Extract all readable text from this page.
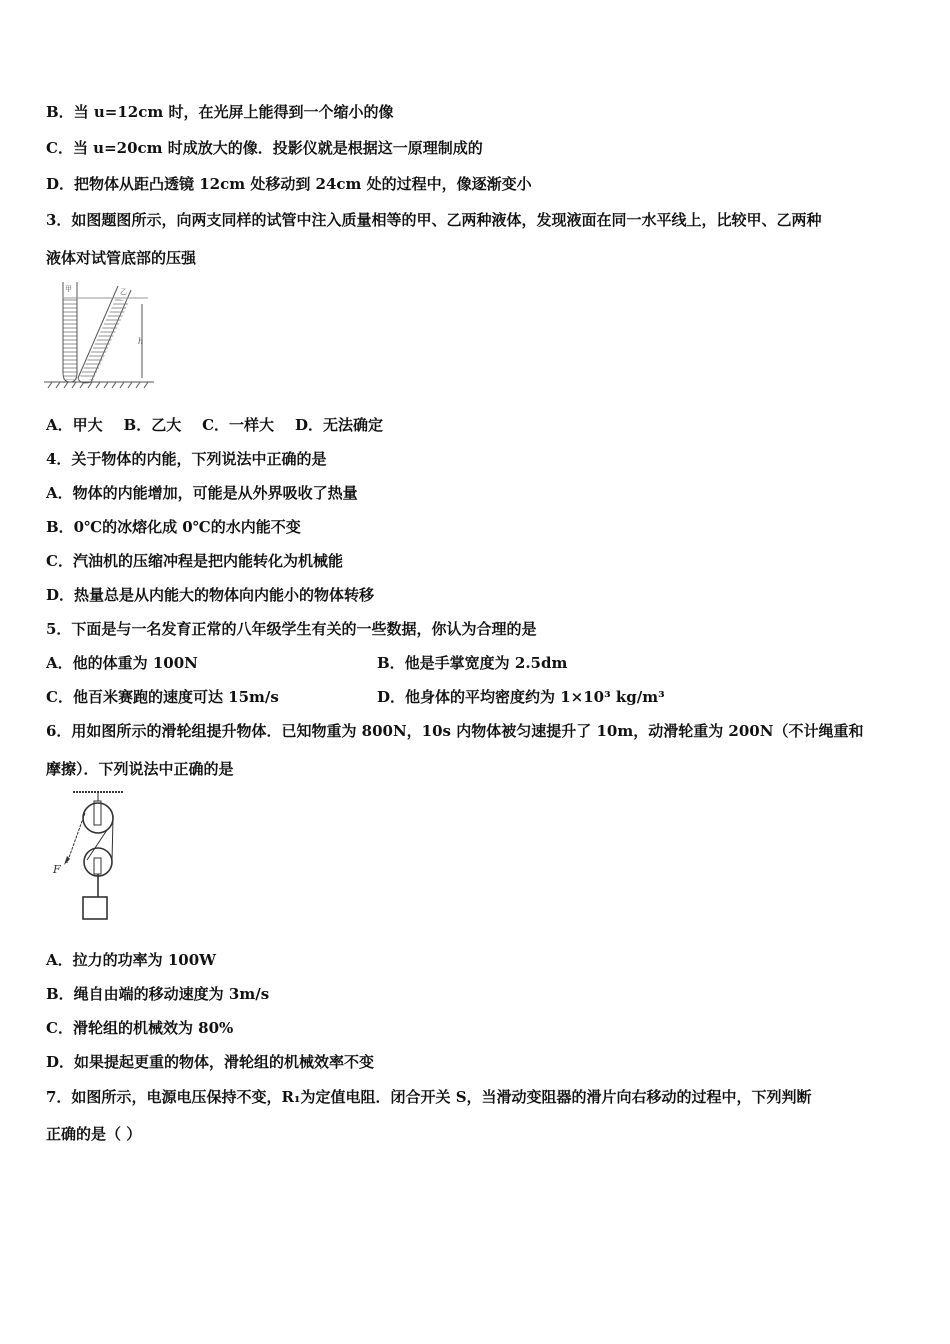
B．当 u=12cm 时，在光屏上能得到一个缩小的像
C．当 u=20cm 时成放大的像．投影仪就是根据这一原理制成的
D．把物体从距凸透镜 12cm 处移动到 24cm 处的过程中，像逐渐变小
3．如图题图所示，向两支同样的试管中注入质量相等的甲、乙两种液体，发现液面在同一水平线上，比较甲、乙两种
液体对试管底部的压强
甲	乙
h
A．甲大 B．乙大 C．一样大 D．无法确定
4．关于物体的内能，下列说法中正确的是
A．物体的内能增加，可能是从外界吸收了热量
B．0℃的冰熔化成 0℃的水内能不变
C．汽油机的压缩冲程是把内能转化为机械能
D．热量总是从内能大的物体向内能小的物体转移
5．下面是与一名发育正常的八年级学生有关的一些数据，你认为合理的是
A．他的体重为 100N	B．他是手掌宽度为 2.5dm
C．他百米赛跑的速度可达 15m/s	D．他身体的平均密度约为 1×10³ kg/m³
6．用如图所示的滑轮组提升物体．已知物重为 800N，10s 内物体被匀速提升了 10m，动滑轮重为 200N（不计绳重和
摩擦）．下列说法中正确的是
F
A．拉力的功率为 100W
B．绳自由端的移动速度为 3m/s
C．滑轮组的机械效为 80%
D．如果提起更重的物体，滑轮组的机械效率不变
7．如图所示，电源电压保持不变，R₁为定值电阻．闭合开关 S，当滑动变阻器的滑片向右移动的过程中，下列判断
正确的是（ ）
